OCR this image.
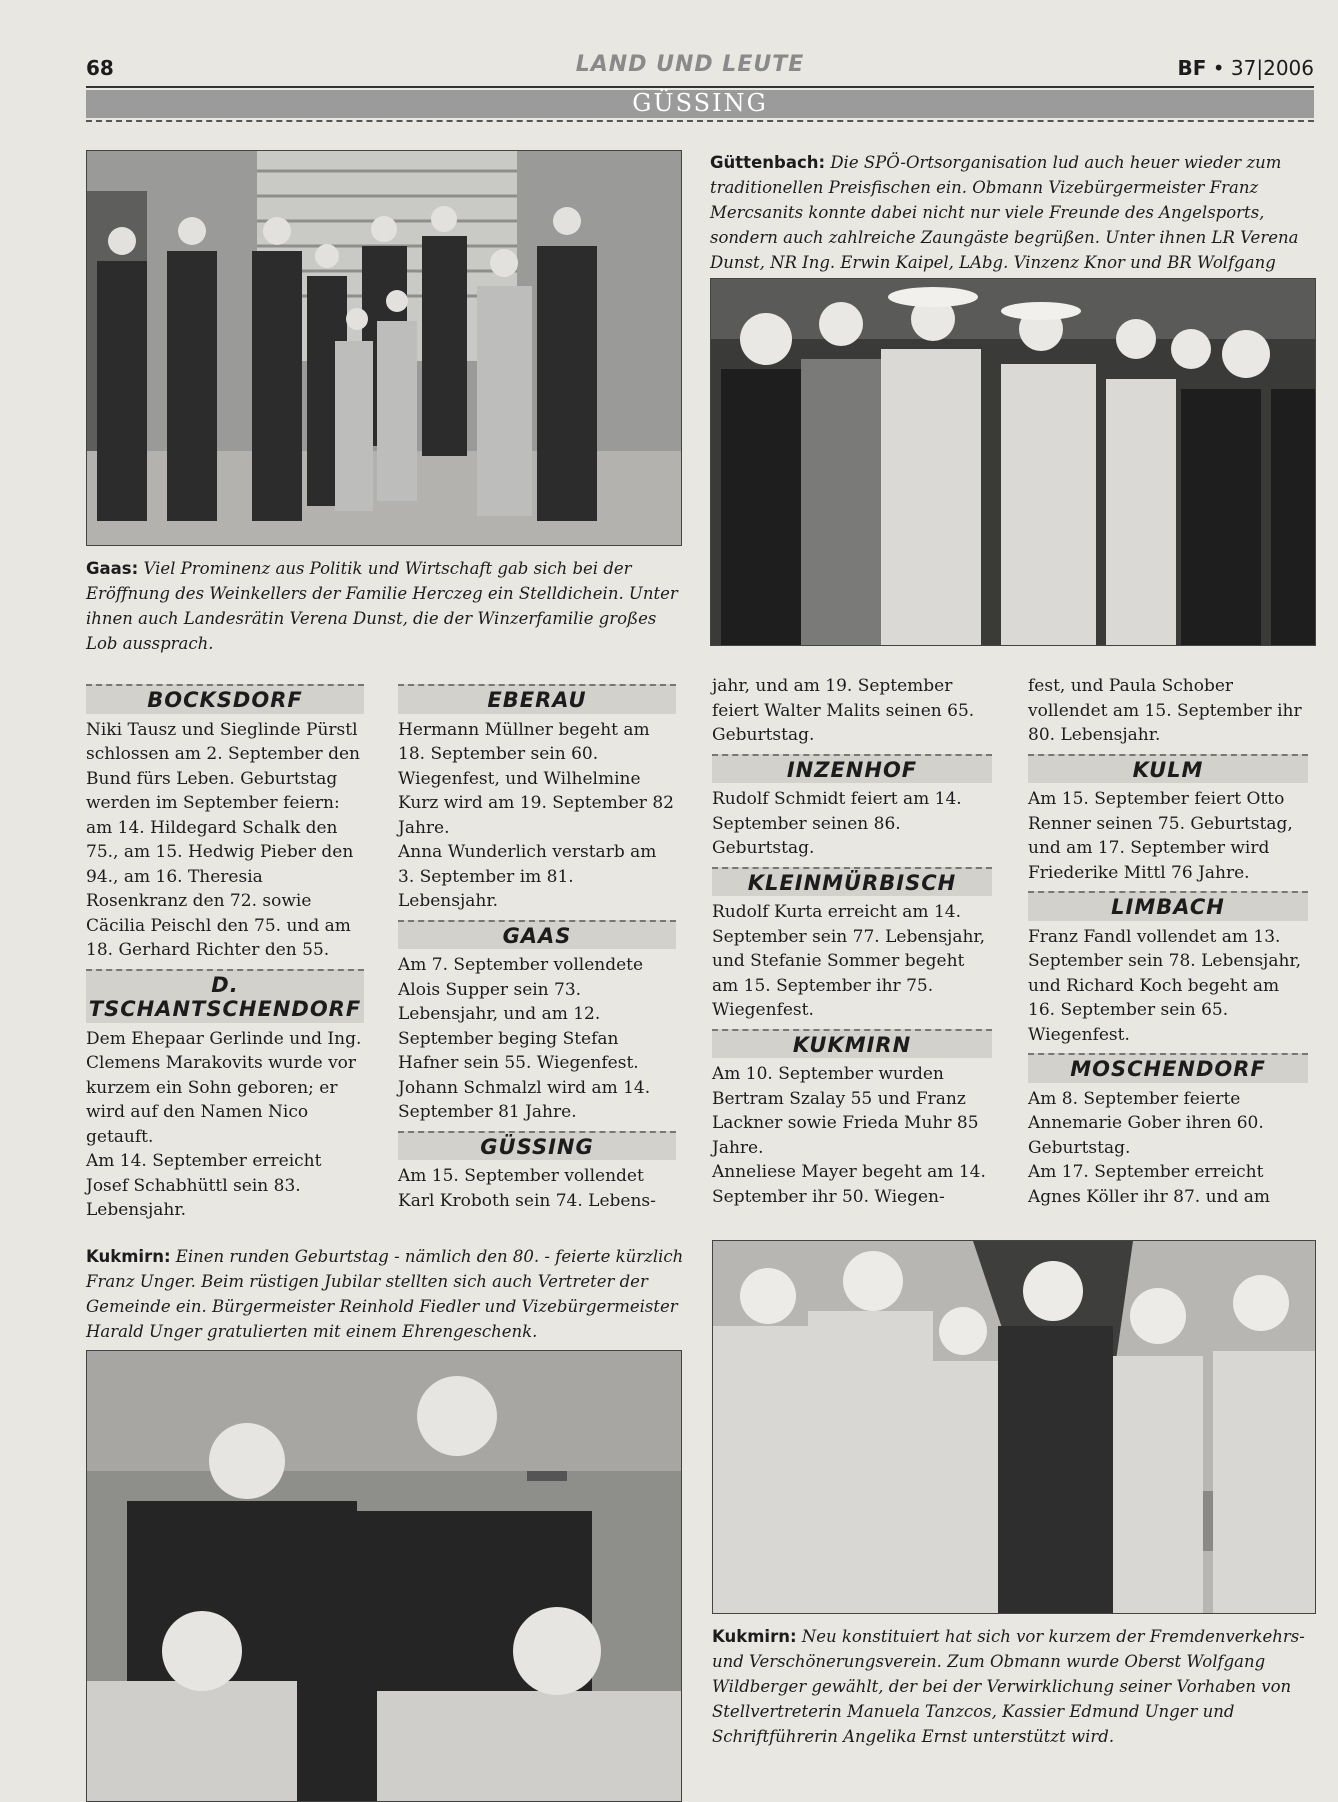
68	LAND UND LEUTE	BF • 37|2006
GÜSSING
Güttenbach: Die SPÖ-Ortsorganisation lud auch heuer wieder zum traditionellen Preisfischen ein. Obmann Vizebürgermeister Franz Mercsanits konnte dabei nicht nur viele Freunde des Angelsports, sondern auch zahlreiche Zaungäste begrüßen. Unter ihnen LR Verena Dunst, NR Ing. Erwin Kaipel, LAbg. Vinzenz Knor und BR Wolfgang
Gaas: Viel Prominenz aus Politik und Wirtschaft gab sich bei der Eröffnung des Weinkellers der Familie Herczeg ein Stelldichein. Unter ihnen auch Landesrätin Verena Dunst, die der Winzerfamilie großes Lob aussprach.
BOCKSDORF

Niki Tausz und Sieglinde Pürstl schlossen am 2. September den Bund fürs Leben. Geburtstag werden im September feiern: am 14. Hildegard Schalk den 75., am 15. Hedwig Pieber den 94., am 16. Theresia Rosenkranz den 72. sowie Cäcilia Peischl den 75. und am 18. Gerhard Richter den 55.

D. TSCHANTSCHENDORF

Dem Ehepaar Gerlinde und Ing. Clemens Marakovits wurde vor kurzem ein Sohn geboren; er wird auf den Namen Nico getauft.

Am 14. September erreicht Josef Schabhüttl sein 83. Lebensjahr.

EBERAU

Hermann Müllner begeht am 18. September sein 60. Wiegenfest, und Wilhelmine Kurz wird am 19. September 82 Jahre.

Anna Wunderlich verstarb am 3. September im 81. Lebensjahr.

GAAS

Am 7. September vollendete Alois Supper sein 73. Lebensjahr, und am 12. September beging Stefan Hafner sein 55. Wiegenfest.

Johann Schmalzl wird am 14. September 81 Jahre.

GÜSSING

Am 15. September vollendet Karl Kroboth sein 74. Lebens-

jahr, und am 19. September feiert Walter Malits seinen 65. Geburtstag.

INZENHOF

Rudolf Schmidt feiert am 14. September seinen 86. Geburtstag.

KLEINMÜRBISCH

Rudolf Kurta erreicht am 14. September sein 77. Lebensjahr, und Stefanie Sommer begeht am 15. September ihr 75. Wiegenfest.

KUKMIRN

Am 10. September wurden Bertram Szalay 55 und Franz Lackner sowie Frieda Muhr 85 Jahre.

Anneliese Mayer begeht am 14. September ihr 50. Wiegen-

fest, und Paula Schober vollendet am 15. September ihr 80. Lebensjahr.

KULM

Am 15. September feiert Otto Renner seinen 75. Geburtstag, und am 17. September wird Friederike Mittl 76 Jahre.

LIMBACH

Franz Fandl vollendet am 13. September sein 78. Lebensjahr, und Richard Koch begeht am 16. September sein 65. Wiegenfest.

MOSCHENDORF

Am 8. September feierte Annemarie Gober ihren 60. Geburtstag.

Am 17. September erreicht Agnes Köller ihr 87. und am

Kukmirn: Einen runden Geburtstag - nämlich den 80. - feierte kürzlich Franz Unger. Beim rüstigen Jubilar stellten sich auch Vertreter der Gemeinde ein. Bürgermeister Reinhold Fiedler und Vizebürgermeister Harald Unger gratulierten mit einem Ehrengeschenk.
Kukmirn: Neu konstituiert hat sich vor kurzem der Fremdenverkehrs- und Verschönerungsverein. Zum Obmann wurde Oberst Wolfgang Wildberger gewählt, der bei der Verwirklichung seiner Vorhaben von Stellvertreterin Manuela Tanzcos, Kassier Edmund Unger und Schriftführerin Angelika Ernst unterstützt wird.
